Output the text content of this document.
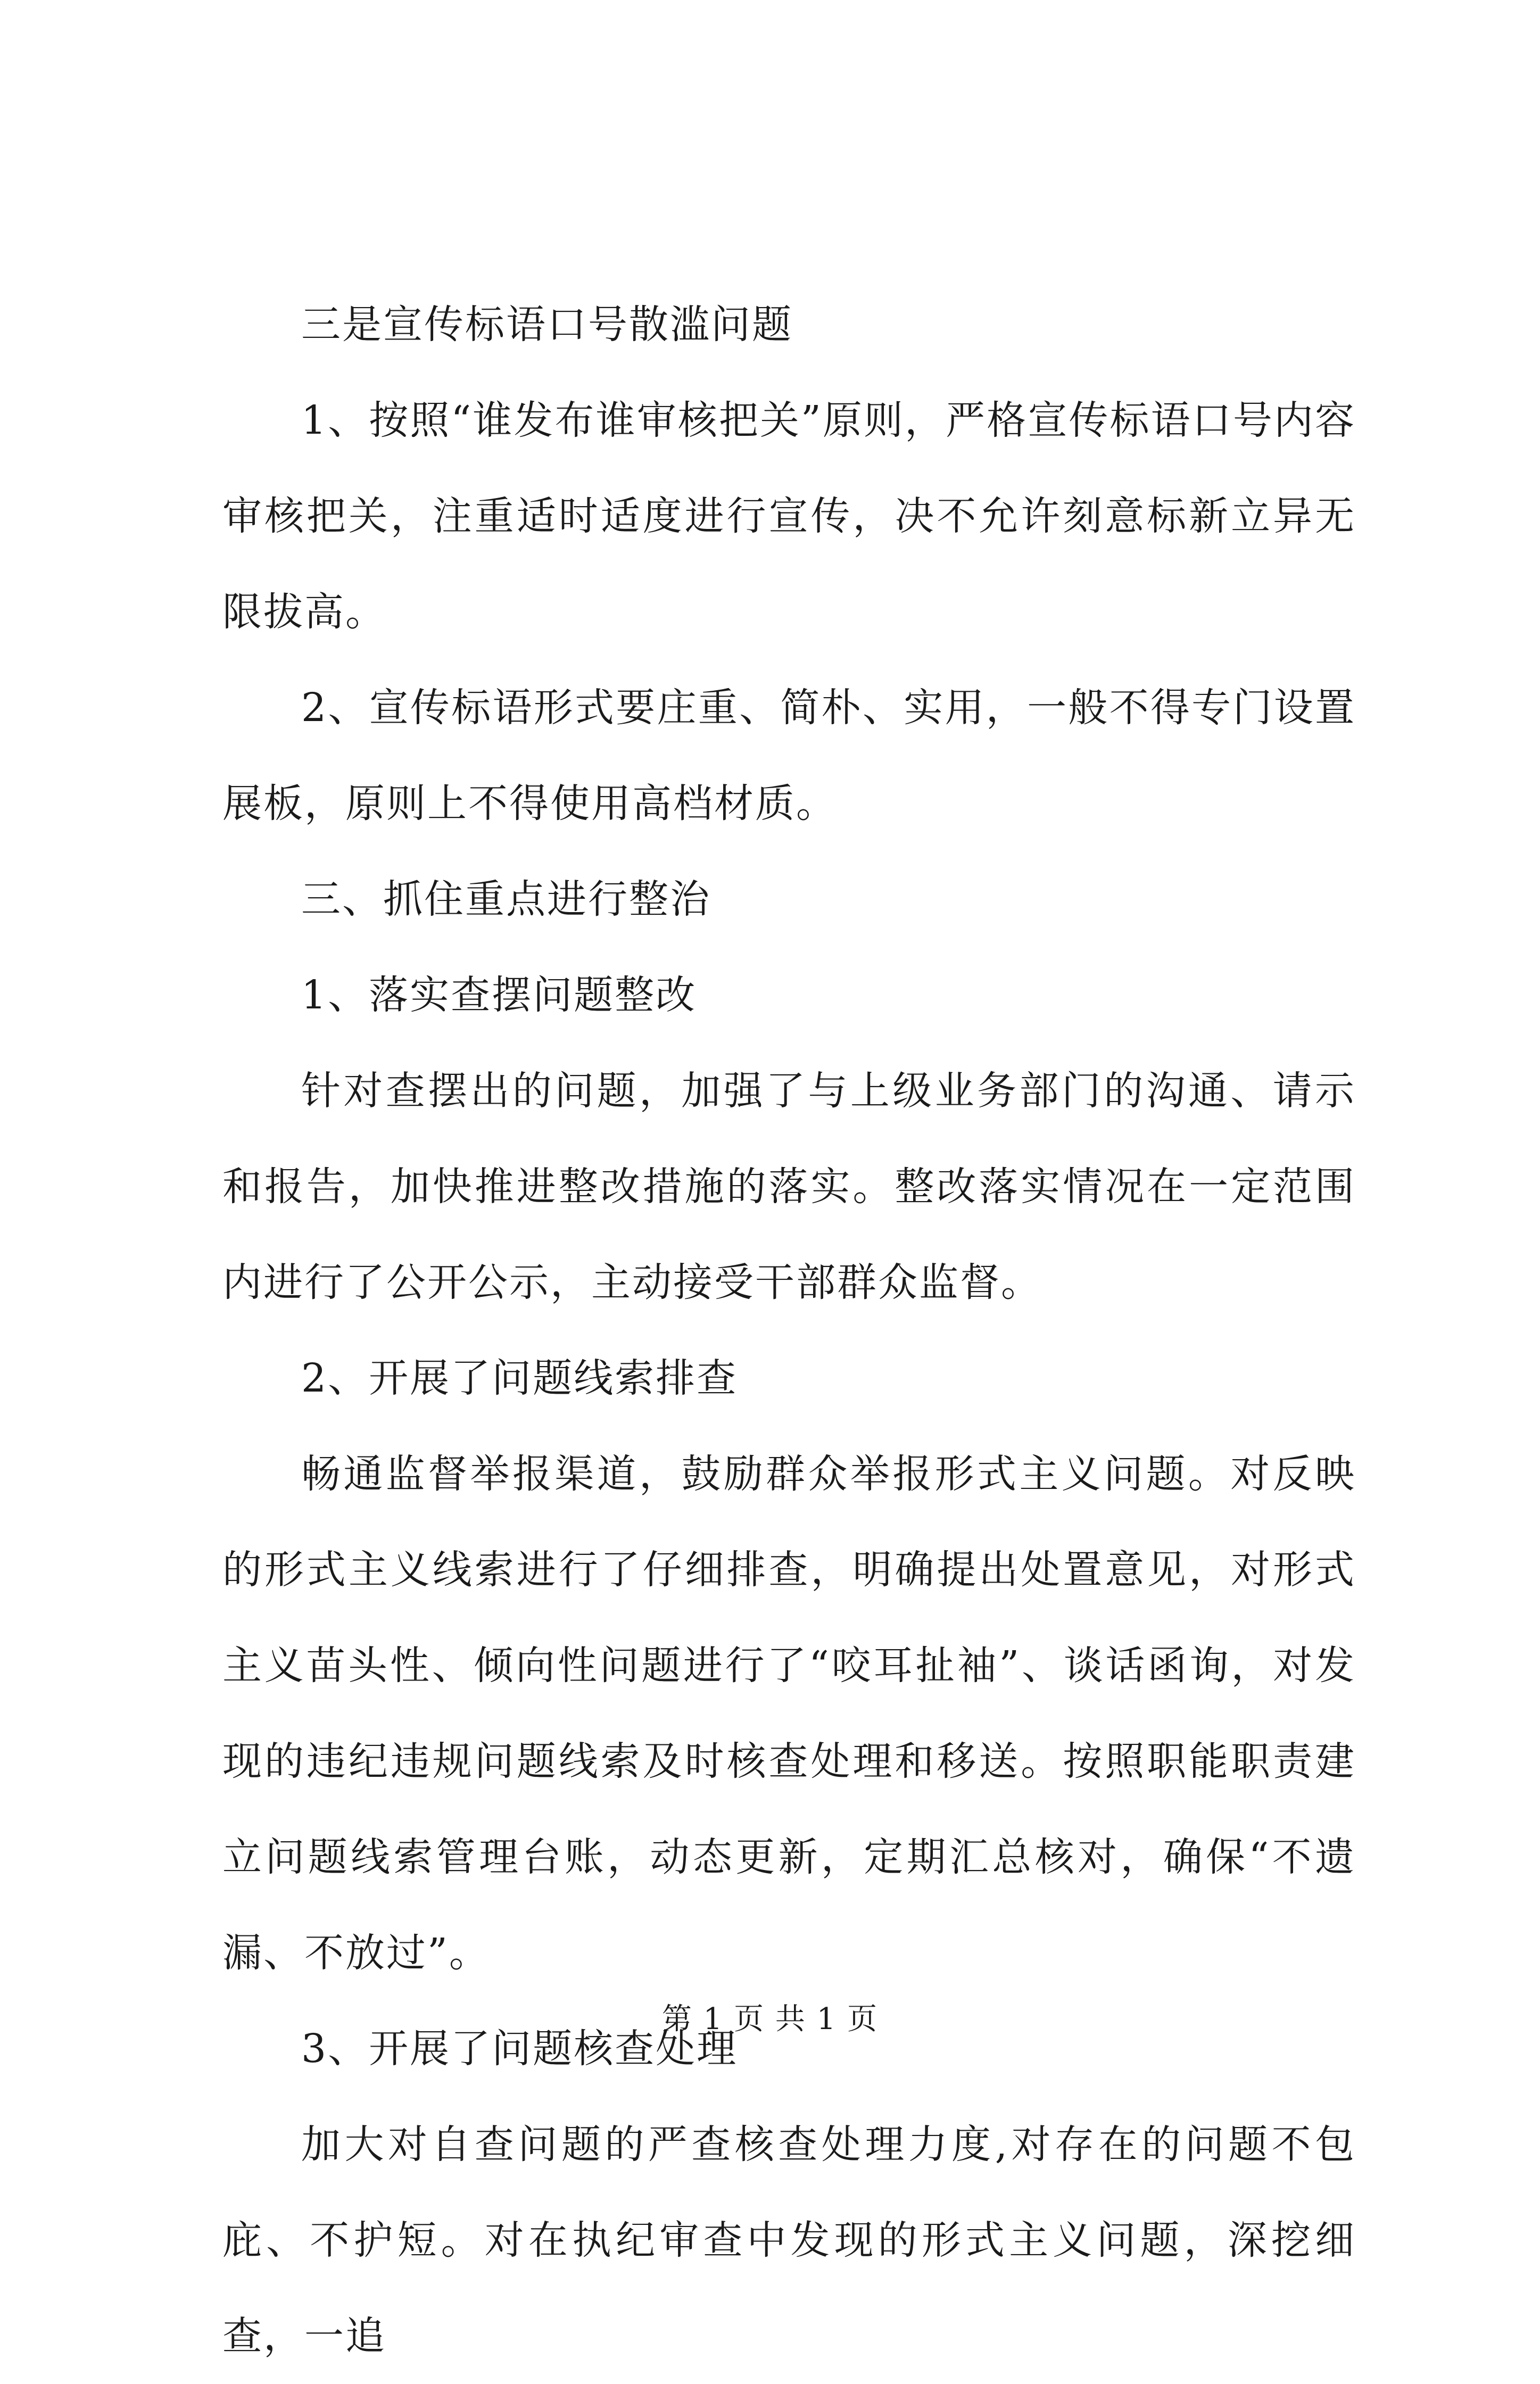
三是宣传标语口号散滥问题

1、按照“谁发布谁审核把关”原则，严格宣传标语口号内容审核把关，注重适时适度进行宣传，决不允许刻意标新立异无限拔高。

2、宣传标语形式要庄重、简朴、实用，一般不得专门设置展板，原则上不得使用高档材质。

三、抓住重点进行整治

1、落实查摆问题整改

针对查摆出的问题，加强了与上级业务部门的沟通、请示和报告，加快推进整改措施的落实。整改落实情况在一定范围内进行了公开公示，主动接受干部群众监督。

2、开展了问题线索排查

畅通监督举报渠道，鼓励群众举报形式主义问题。对反映的形式主义线索进行了仔细排查，明确提出处置意见，对形式主义苗头性、倾向性问题进行了“咬耳扯袖”、谈话函询，对发现的违纪违规问题线索及时核查处理和移送。按照职能职责建立问题线索管理台账，动态更新，定期汇总核对，确保“不遗漏、不放过”。

3、开展了问题核查处理

加大对自查问题的严查核查处理力度,对存在的问题不包庇、不护短。对在执纪审查中发现的形式主义问题，深挖细查，一追

第 1 页 共 1 页
